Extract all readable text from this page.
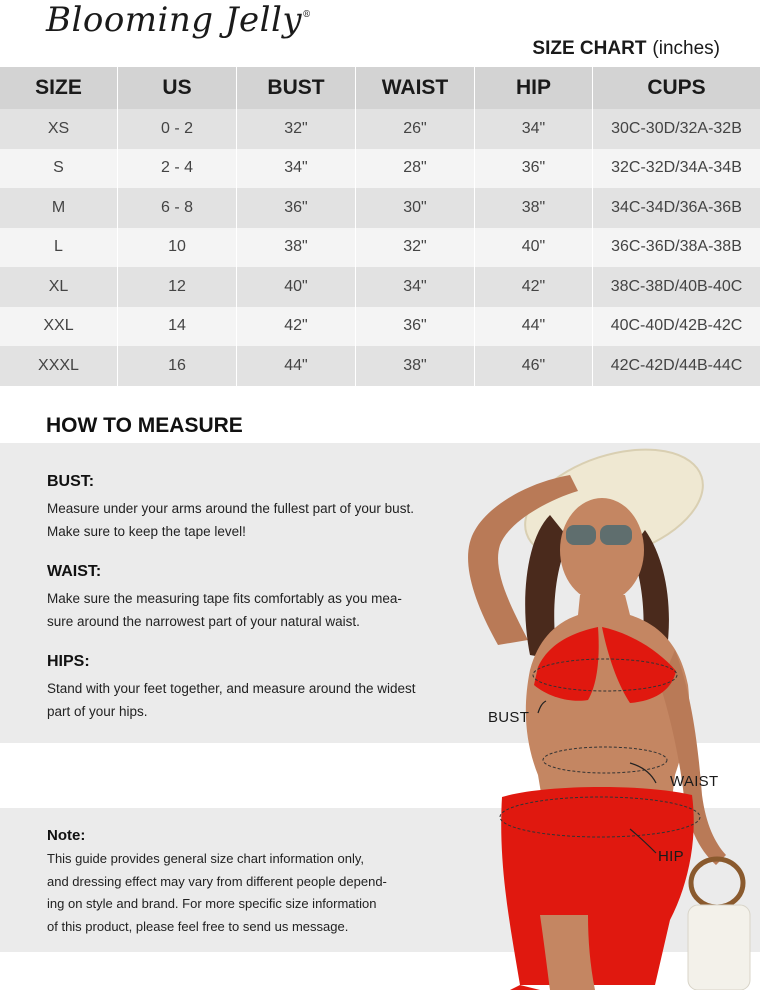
Blooming Jelly®
SIZE CHART (inches)
SIZE	US	BUST	WAIST	HIP	CUPS
XS	0 - 2	32"	26"	34"	30C-30D/32A-32B
S	2 - 4	34"	28"	36"	32C-32D/34A-34B
M	6 - 8	36"	30"	38"	34C-34D/36A-36B
L	10	38"	32"	40"	36C-36D/38A-38B
XL	12	40"	34"	42"	38C-38D/40B-40C
XXL	14	42"	36"	44"	40C-40D/42B-42C
XXXL	16	44"	38"	46"	42C-42D/44B-44C
HOW TO MEASURE
BUST:

Measure under your arms around the fullest part of your bust.

Make sure to keep the tape level!

WAIST:

Make sure the measuring tape fits comfortably as you mea-

sure around the narrowest part of your natural waist.

HIPS:

Stand with your feet together, and measure around the widest

part of your hips.

Note:

This guide provides general size chart information only,

and dressing effect may vary from different people depend-

ing on style and brand. For more specific size information

of this product, please feel free to send us message.

BUST
WAIST
HIP
